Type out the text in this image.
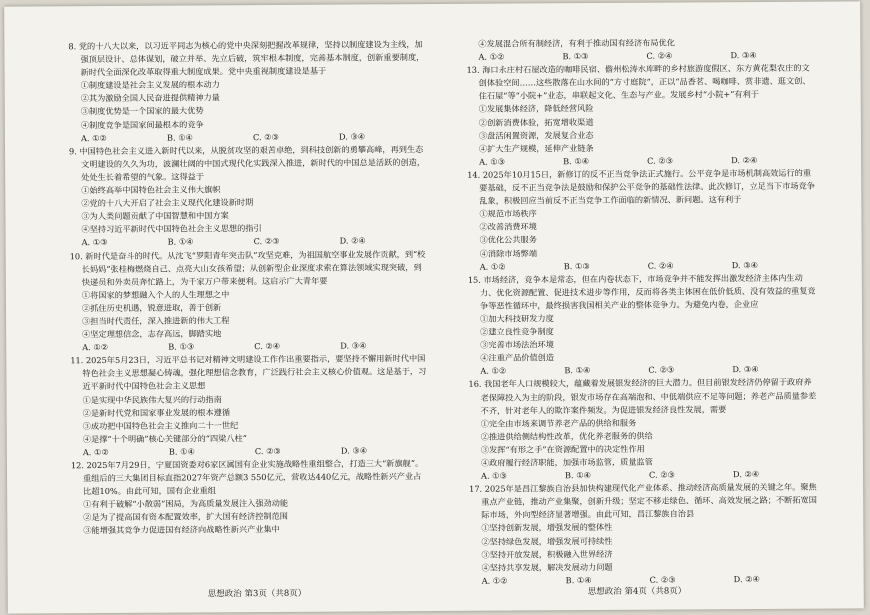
8. 党的十八大以来，以习近平同志为核心的党中央深刻把握改革规律，坚持以制度建设为主线，加强顶层设计、总体谋划，破立并举、先立后破，筑牢根本制度，完善基本制度，创新重要制度，新时代全面深化改革取得重大制度成果。党中央重视制度建设是基于
①制度建设是社会主义发展的根本动力
②其为激励全国人民奋进提供精神力量
③制度优势是一个国家的最大优势
④制度竞争是国家间最根本的竞争
A. ①②	B. ①④	C. ②③	D. ③④
9. 中国特色社会主义进入新时代以来，从脱贫攻坚的艰苦卓绝，到科技创新的勇攀高峰，再到生态文明建设的久久为功，波澜壮阔的中国式现代化实践深入推进，新时代的中国总是活跃的创造，处处生长着希望的气象。这得益于
①始终高举中国特色社会主义伟大旗帜
②党的十八大开启了社会主义现代化建设新时期
③为人类问题贡献了中国智慧和中国方案
④坚持习近平新时代中国特色社会主义思想的指引
A. ①③	B. ①④	C. ②③	D. ②④
10. 新时代是奋斗的时代。从沈飞“罗阳青年突击队”攻坚克难，为祖国航空事业发展作贡献，到“校长妈妈”张桂梅燃烧自己、点亮大山女孩希望；从创新型企业深度求索在算法领域实现突破，到快递员和外卖员奔忙路上，为千家万户带来便利。这启示广大青年要
①将国家的梦想融入个人的人生理想之中
②抓住历史机遇，锐意进取，善于创新
③担当时代责任，深入推进新的伟大工程
④坚定理想信念，志存高远，脚踏实地
A. ①②	B. ①③	C. ②④	D. ③④
11. 2025年5月23日，习近平总书记对精神文明建设工作作出重要指示，要坚持不懈用新时代中国特色社会主义思想凝心铸魂，强化理想信念教育，广泛践行社会主义核心价值观。这是基于，习近平新时代中国特色社会主义思想
①是实现中华民族伟大复兴的行动指南
②是新时代党和国家事业发展的根本遵循
③成功把中国特色社会主义推向二十一世纪
④是撑“十个明确”核心关键部分的“四梁八柱”
A. ①②	B. ①④	C. ②③	D. ③④
12. 2025年7月29日，宁夏国资委对6家区属国有企业实施战略性重组整合，打造三大“新旗舰”。重组后的三大集团目标直指2027年资产总额3 550亿元，营收达440亿元，战略性新兴产业占比超10%。由此可知，国有企业重组
①有利于破解“小散弱”困局，为高质量发展注入强劲动能
②是为了提高国有资本配置效率，扩大国有经济控制范围
③能增强其竞争力促进国有经济向战略性新兴产业集中
④发展混合所有制经济，有利于推动国有经济布局优化
A. ①②	B. ①③	C. ②④	D. ③④
13. 海口永庄村石屋改造的咖啡民宿、儋州松涛水库畔的乡村旅游度假区、东方黄花梨农庄的文创体验空间……这些散落在山水间的“方寸庭院”，正以“品香茗、喝咖啡、赏非遗、逛文创、住石屋”等“小院+”业态，串联起文化、生态与产业。发展乡村“小院+”有利于
①发展集体经济，降低经营风险
②创新消费体验，拓宽增收渠道
③盘活闲置资源，发展复合业态
④扩大生产规模，延伸产业链条
A. ①③	B. ①④	C. ②③	D. ②④
14. 2025年10月15日，新修订的反不正当竞争法正式施行。公平竞争是市场机制高效运行的重要基础，反不正当竞争法是鼓励和保护公平竞争的基础性法律。此次修订，立足当下市场竞争乱象，积极回应当前反不正当竞争工作面临的新情况、新问题。这有利于
①规范市场秩序
②改善消费环境
③优化公共服务
④消除市场弊端
A. ①②	B. ①③	C. ②④	D. ③④
15. 市场经济，竞争本是常态，但在内卷状态下，市场竞争并不能发挥出激发经济主体内生动力、优化资源配置、促进技术进步等作用，反而将各类主体困在低价低质、没有效益的重复竞争等恶性循环中，最终损害我国相关产业的整体竞争力。为避免内卷，企业应
①加大科技研发力度
②建立良性竞争制度
③完善市场法治环境
④注重产品价值创造
A. ①②	B. ①④	C. ②③	D. ③④
16. 我国老年人口规模较大，蕴藏着发展银发经济的巨大潜力。但目前银发经济仍停留于政府养老保障投入为主的阶段，银发市场存在高端泡和、中低端供应不足等问题；养老产品质量参差不齐，针对老年人的欺诈案件频发。为促进银发经济良性发展，需要
①完全由市场来调节养老产品的供给和服务
②推进供给侧结构性改革，优化养老服务的供给
③发挥“有形之手”在资源配置中的决定性作用
④政府履行经济职能，加强市场监管，质量监管
A. ①③	B. ①④	C. ②③	D. ②④
17. 2025年是昌江黎族自治县加快构建现代化产业体系、推动经济高质量发展的关键之年。聚焦重点产业链，推动产业集聚，创新升级；坚定不移走绿色、循环、高效发展之路；不断拓宽国际市场，外向型经济显著增强。由此可知，昌江黎族自治县
①坚持创新发展，增强发展的整体性
②坚持绿色发展，增强发展可持续性
③坚持开放发展，积极融入世界经济
④坚持共享发展，解决发展动力问题
A. ①②	B. ①④	C. ②③	D. ②④
思想政治 第3页（共8页）	思想政治 第4页（共8页）
